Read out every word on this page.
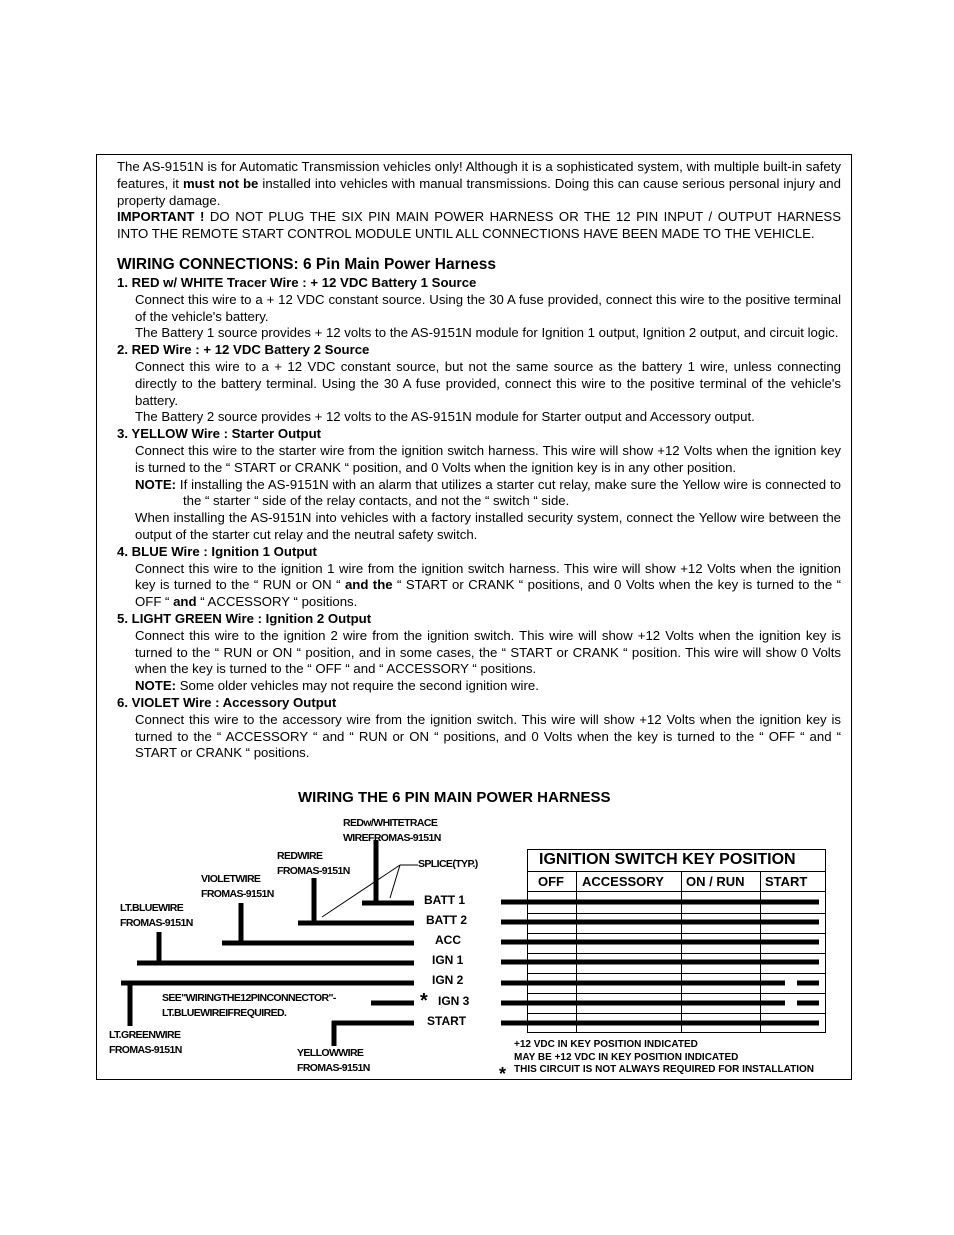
The AS-9151N is for Automatic Transmission vehicles only! Although it is a sophisticated system, with multiple built-in safety features, it must not be installed into vehicles with manual transmissions. Doing this can cause serious personal injury and property damage.

IMPORTANT ! DO NOT PLUG THE SIX PIN MAIN POWER HARNESS OR THE 12 PIN INPUT / OUTPUT HARNESS INTO THE REMOTE START CONTROL MODULE UNTIL ALL CONNECTIONS HAVE BEEN MADE TO THE VEHICLE.

WIRING CONNECTIONS: 6 Pin Main Power Harness

1. RED w/ WHITE Tracer Wire : + 12 VDC Battery 1 Source

Connect this wire to a + 12 VDC constant source. Using the 30 A fuse provided, connect this wire to the positive terminal of the vehicle's battery.

The Battery 1 source provides + 12 volts to the AS-9151N module for Ignition 1 output, Ignition 2 output, and circuit logic.

2. RED Wire : + 12 VDC Battery 2 Source

Connect this wire to a + 12 VDC constant source, but not the same source as the battery 1 wire, unless connecting directly to the battery terminal. Using the 30 A fuse provided, connect this wire to the positive terminal of the vehicle's battery.

The Battery 2 source provides + 12 volts to the AS-9151N module for Starter output and Accessory output.

3. YELLOW Wire : Starter Output

Connect this wire to the starter wire from the ignition switch harness. This wire will show +12 Volts when the ignition key is turned to the “ START or CRANK “ position, and 0 Volts when the ignition key is in any other position.

NOTE: If installing the AS-9151N with an alarm that utilizes a starter cut relay, make sure the Yellow wire is connected to the “ starter “ side of the relay contacts, and not the “ switch “ side.

When installing the AS-9151N into vehicles with a factory installed security system, connect the Yellow wire between the output of the starter cut relay and the neutral safety switch.

4. BLUE Wire : Ignition 1 Output

Connect this wire to the ignition 1 wire from the ignition switch harness. This wire will show +12 Volts when the ignition key is turned to the “ RUN or ON “ and the “ START or CRANK “ positions, and 0 Volts when the key is turned to the “ OFF “ and “ ACCESSORY “ positions.

5. LIGHT GREEN Wire : Ignition 2 Output

Connect this wire to the ignition 2 wire from the ignition switch. This wire will show +12 Volts when the ignition key is turned to the “ RUN or ON “ position, and in some cases, the “ START or CRANK “ position. This wire will show 0 Volts when the key is turned to the “ OFF “ and “ ACCESSORY “ positions.

NOTE: Some older vehicles may not require the second ignition wire.

6. VIOLET Wire : Accessory Output

Connect this wire to the accessory wire from the ignition switch. This wire will show +12 Volts when the ignition key is turned to the “ ACCESSORY “ and “ RUN or ON “ positions, and 0 Volts when the key is turned to the “ OFF “ and “ START or CRANK “ positions.

WIRING THE 6 PIN MAIN POWER HARNESS
REDw/WHITETRACE
WIREFROMAS-9151N
SPLICE(TYP.)
REDWIRE
FROMAS-9151N
VIOLETWIRE
FROMAS-9151N
LT.BLUEWIRE
FROMAS-9151N
SEE"WIRINGTHE12PINCONNECTOR"-
LT.BLUEWIREIFREQUIRED.
LT.GREENWIRE
FROMAS-9151N	YELLOWWIRE
FROMAS-9151N
BATT 1
BATT 2
ACC
IGN 1
IGN 2
* IGN 3
START
IGNITION SWITCH KEY POSITION
OFF ACCESSORY ON / RUN START
+12 VDC IN KEY POSITION INDICATED
MAY BE +12 VDC IN KEY POSITION INDICATED
* THIS CIRCUIT IS NOT ALWAYS REQUIRED FOR INSTALLATION
